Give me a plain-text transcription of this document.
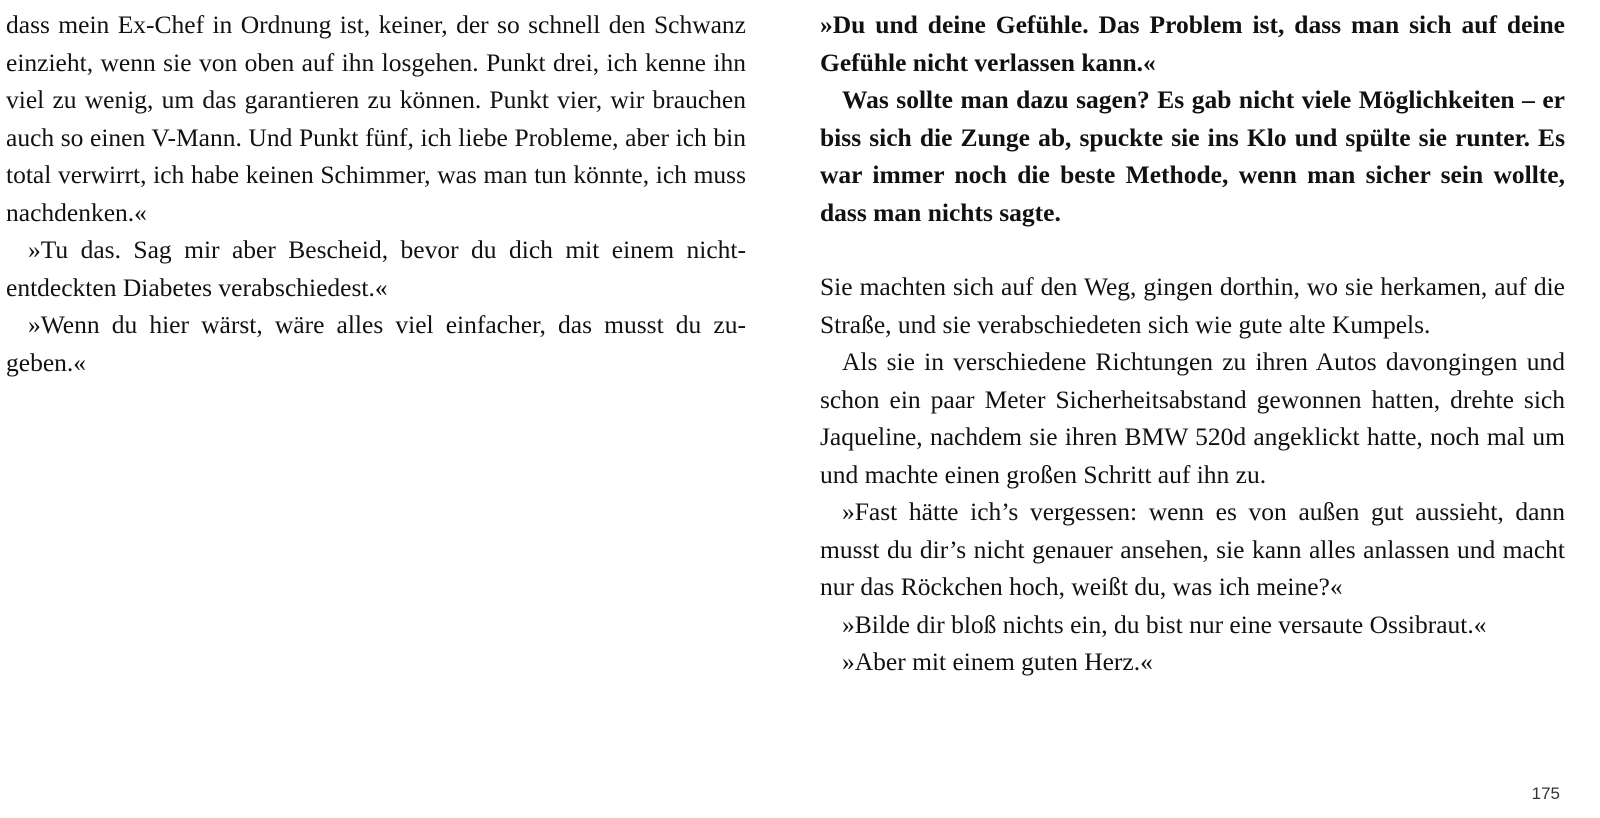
dass mein Ex-Chef in Ordnung ist, keiner, der so schnell den Schwanz einzieht, wenn sie von oben auf ihn losgehen. Punkt drei, ich kenne ihn viel zu wenig, um das garantieren zu können. Punkt vier, wir brauchen auch so einen V-Mann. Und Punkt fünf, ich liebe Probleme, aber ich bin total verwirrt, ich habe keinen Schimmer, was man tun könnte, ich muss nachdenken.«

»Tu das. Sag mir aber Bescheid, bevor du dich mit einem nichtentdeckten Diabetes verabschiedest.«

»Wenn du hier wärst, wäre alles viel einfacher, das musst du zugeben.«

»Du und deine Gefühle. Das Problem ist, dass man sich auf deine Gefühle nicht verlassen kann.«

Was sollte man dazu sagen? Es gab nicht viele Möglichkeiten – er biss sich die Zunge ab, spuckte sie ins Klo und spülte sie runter. Es war immer noch die beste Methode, wenn man sicher sein wollte, dass man nichts sagte.

Sie machten sich auf den Weg, gingen dorthin, wo sie herkamen, auf die Straße, und sie verabschiedeten sich wie gute alte Kumpels.

Als sie in verschiedene Richtungen zu ihren Autos davongingen und schon ein paar Meter Sicherheitsabstand gewonnen hatten, drehte sich Jaqueline, nachdem sie ihren BMW 520d angeklickt hatte, noch mal um und machte einen großen Schritt auf ihn zu.

»Fast hätte ich’s vergessen: wenn es von außen gut aussieht, dann musst du dir’s nicht genauer ansehen, sie kann alles anlassen und macht nur das Röckchen hoch, weißt du, was ich meine?«

»Bilde dir bloß nichts ein, du bist nur eine versaute Ossibraut.«

»Aber mit einem guten Herz.«

175
